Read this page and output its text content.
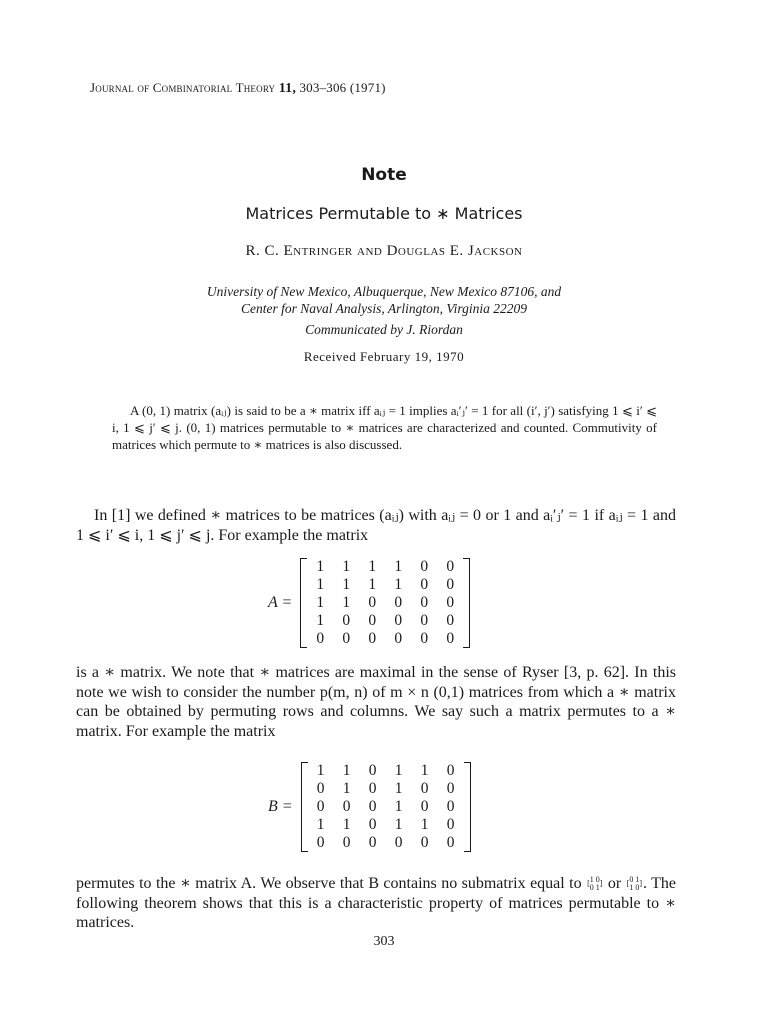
Journal of Combinatorial Theory 11, 303–306 (1971)
Note
Matrices Permutable to ∗ Matrices
R. C. Entringer and Douglas E. Jackson
University of New Mexico, Albuquerque, New Mexico 87106, and
Center for Naval Analysis, Arlington, Virginia 22209
Communicated by J. Riordan
Received February 19, 1970
A (0, 1) matrix (aᵢⱼ) is said to be a ∗ matrix iff aᵢⱼ = 1 implies aᵢ′ⱼ′ = 1 for all (i′, j′) satisfying 1 ⩽ i′ ⩽ i, 1 ⩽ j′ ⩽ j. (0, 1) matrices permutable to ∗ matrices are characterized and counted. Commutivity of matrices which permute to ∗ matrices is also discussed.
In [1] we defined ∗ matrices to be matrices (aᵢⱼ) with aᵢⱼ = 0 or 1 and aᵢ′ⱼ′ = 1 if aᵢⱼ = 1 and 1 ⩽ i′ ⩽ i, 1 ⩽ j′ ⩽ j. For example the matrix
A =
1	1	1	1	0	0
1	1	1	1	0	0
1	1	0	0	0	0
1	0	0	0	0	0
0	0	0	0	0	0
is a ∗ matrix. We note that ∗ matrices are maximal in the sense of Ryser [3, p. 62]. In this note we wish to consider the number p(m, n) of m × n (0,1) matrices from which a ∗ matrix can be obtained by permuting rows and columns. We say such a matrix permutes to a ∗ matrix. For example the matrix
B =
1	1	0	1	1	0
0	1	0	1	0	0
0	0	0	1	0	0
1	1	0	1	1	0
0	0	0	0	0	0
permutes to the ∗ matrix A. We observe that B contains no submatrix equal to [ 1 0
0 1 ] or [ 0 1
1 0 ]. The following theorem shows that this is a characteristic property of matrices permutable to ∗ matrices.
303
